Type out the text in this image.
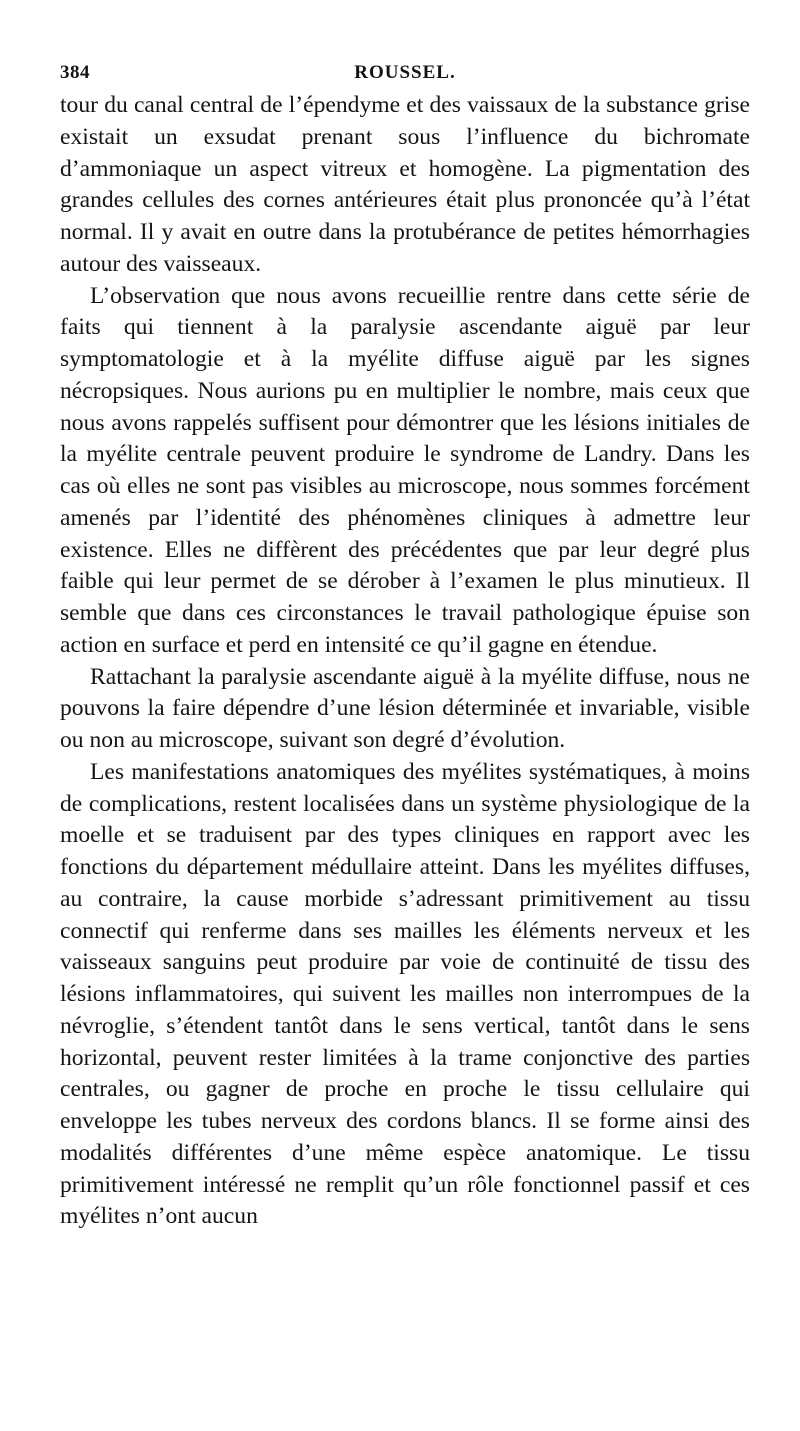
384	ROUSSEL.

tour du canal central de l’épendyme et des vaissaux de la substance grise existait un exsudat prenant sous l’influence du bichromate d’ammoniaque un aspect vitreux et homogène. La pigmentation des grandes cellules des cornes antérieures était plus prononcée qu’à l’état normal. Il y avait en outre dans la protubérance de petites hémorrhagies autour des vaisseaux.

L’observation que nous avons recueillie rentre dans cette série de faits qui tiennent à la paralysie ascendante aiguë par leur symptomatologie et à la myélite diffuse aiguë par les signes nécropsiques. Nous aurions pu en multiplier le nombre, mais ceux que nous avons rappelés suffisent pour démontrer que les lésions initiales de la myélite centrale peuvent produire le syndrome de Landry. Dans les cas où elles ne sont pas visibles au microscope, nous sommes forcément amenés par l’identité des phénomènes cliniques à admettre leur existence. Elles ne diffèrent des précédentes que par leur degré plus faible qui leur permet de se dérober à l’examen le plus minutieux. Il semble que dans ces circonstances le travail pathologique épuise son action en surface et perd en intensité ce qu’il gagne en étendue.

Rattachant la paralysie ascendante aiguë à la myélite diffuse, nous ne pouvons la faire dépendre d’une lésion déterminée et invariable, visible ou non au microscope, suivant son degré d’évolution.

Les manifestations anatomiques des myélites systématiques, à moins de complications, restent localisées dans un système physiologique de la moelle et se traduisent par des types cliniques en rapport avec les fonctions du département médullaire atteint. Dans les myélites diffuses, au contraire, la cause morbide s’adressant primitivement au tissu connectif qui renferme dans ses mailles les éléments nerveux et les vaisseaux sanguins peut produire par voie de continuité de tissu des lésions inflammatoires, qui suivent les mailles non interrompues de la névroglie, s’étendent tantôt dans le sens vertical, tantôt dans le sens horizontal, peuvent rester limitées à la trame conjonctive des parties centrales, ou gagner de proche en proche le tissu cellulaire qui enveloppe les tubes nerveux des cordons blancs. Il se forme ainsi des modalités différentes d’une même espèce anatomique. Le tissu primitivement intéressé ne remplit qu’un rôle fonctionnel passif et ces myélites n’ont aucun
